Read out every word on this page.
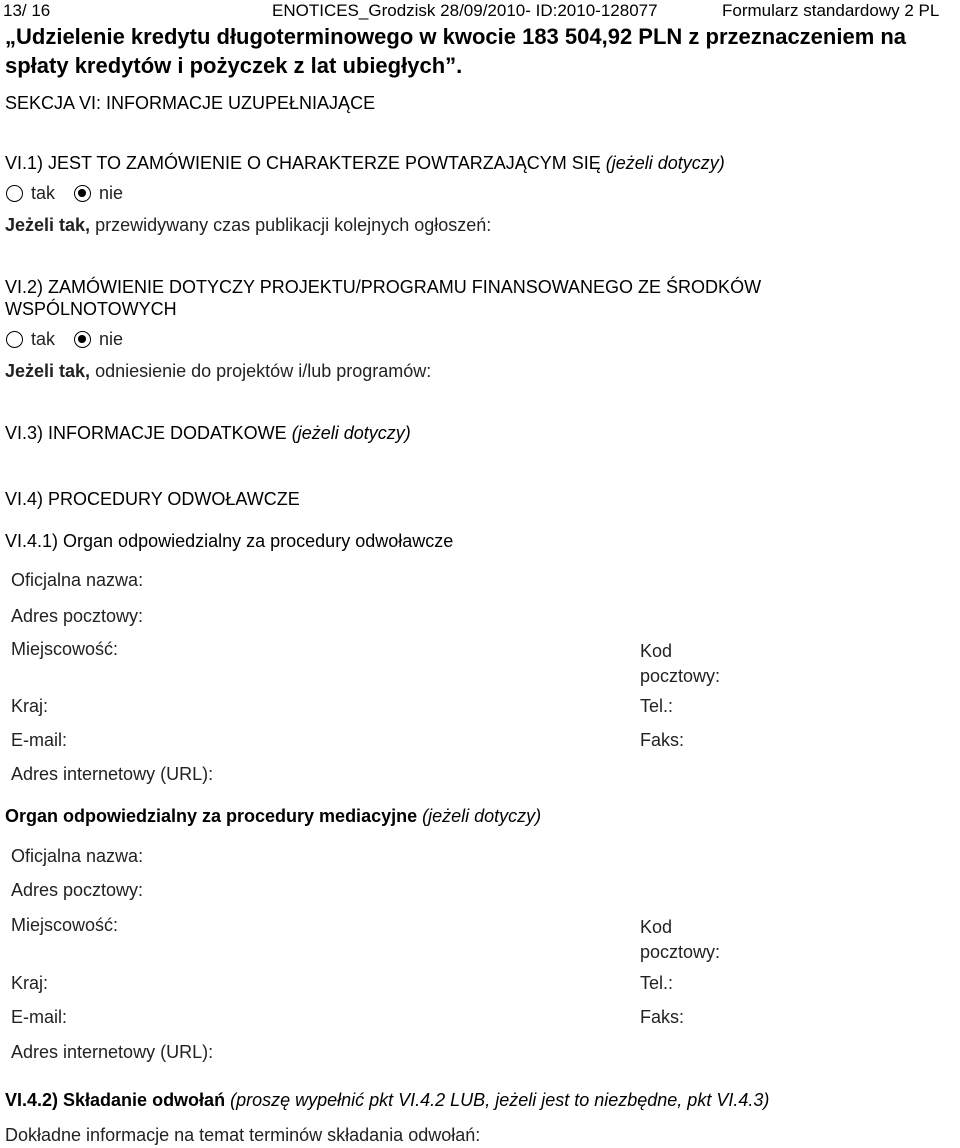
13/ 16	ENOTICES_Grodzisk 28/09/2010- ID:2010-128077	Formularz standardowy 2 PL
„Udzielenie kredytu długoterminowego w kwocie 183 504,92 PLN z przeznaczeniem na
spłaty kredytów i pożyczek z lat ubiegłych”.
SEKCJA VI: INFORMACJE UZUPEŁNIAJĄCE
VI.1) JEST TO ZAMÓWIENIE O CHARAKTERZE POWTARZAJĄCYM SIĘ (jeżeli dotyczy)
tak nie
Jeżeli tak, przewidywany czas publikacji kolejnych ogłoszeń:
VI.2) ZAMÓWIENIE DOTYCZY PROJEKTU/PROGRAMU FINANSOWANEGO ZE ŚRODKÓW
WSPÓLNOTOWYCH
tak nie
Jeżeli tak, odniesienie do projektów i/lub programów:
VI.3) INFORMACJE DODATKOWE (jeżeli dotyczy)
VI.4) PROCEDURY ODWOŁAWCZE
VI.4.1) Organ odpowiedzialny za procedury odwoławcze
Oficjalna nazwa:
Adres pocztowy:
Miejscowość:	Kod
pocztowy:
Kraj:	Tel.:
E-mail:	Faks:
Adres internetowy (URL):
Organ odpowiedzialny za procedury mediacyjne (jeżeli dotyczy)
Oficjalna nazwa:
Adres pocztowy:
Miejscowość:	Kod
pocztowy:
Kraj:	Tel.:
E-mail:	Faks:
Adres internetowy (URL):
VI.4.2) Składanie odwołań (proszę wypełnić pkt VI.4.2 LUB, jeżeli jest to niezbędne, pkt VI.4.3)
Dokładne informacje na temat terminów składania odwołań:
